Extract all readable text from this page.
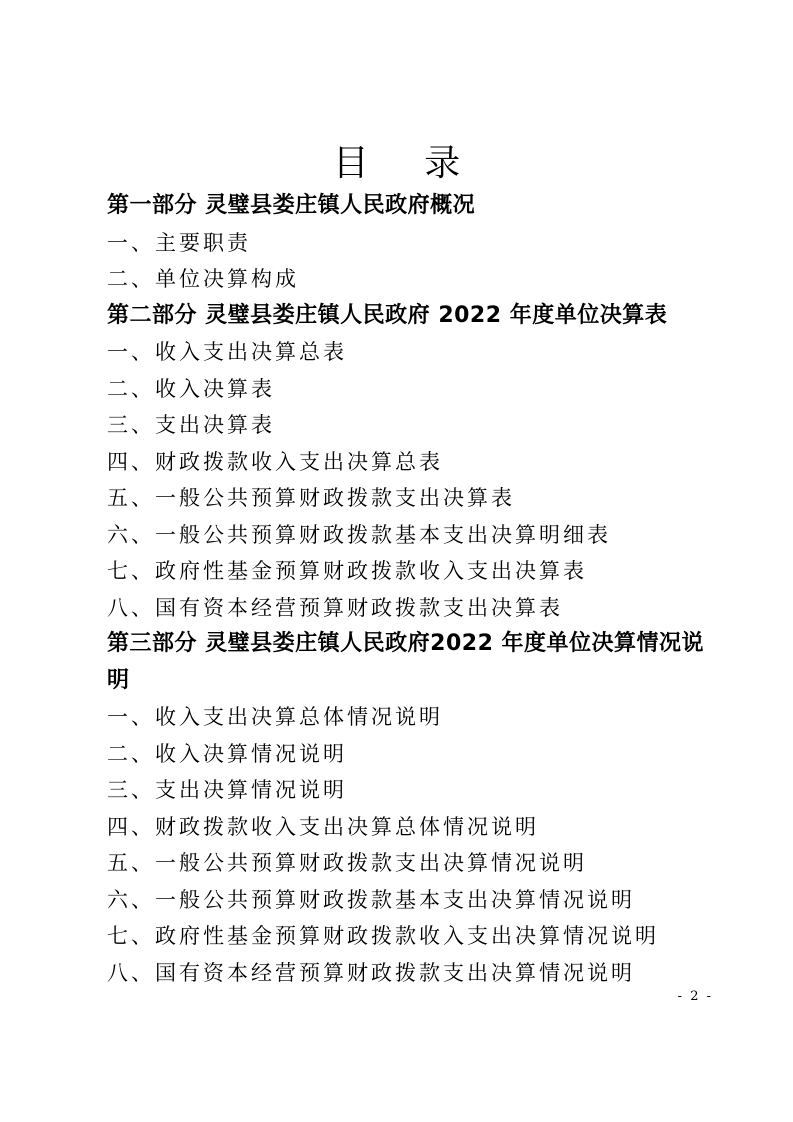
目 录
第一部分 灵璧县娄庄镇人民政府概况
一、主要职责
二、单位决算构成
第二部分 灵璧县娄庄镇人民政府 2022 年度单位决算表
一、收入支出决算总表
二、收入决算表
三、支出决算表
四、财政拨款收入支出决算总表
五、一般公共预算财政拨款支出决算表
六、一般公共预算财政拨款基本支出决算明细表
七、政府性基金预算财政拨款收入支出决算表
八、国有资本经营预算财政拨款支出决算表
第三部分 灵璧县娄庄镇人民政府2022 年度单位决算情况说明
一、收入支出决算总体情况说明
二、收入决算情况说明
三、支出决算情况说明
四、财政拨款收入支出决算总体情况说明
五、一般公共预算财政拨款支出决算情况说明
六、一般公共预算财政拨款基本支出决算情况说明
七、政府性基金预算财政拨款收入支出决算情况说明
八、国有资本经营预算财政拨款支出决算情况说明
- 2 -
